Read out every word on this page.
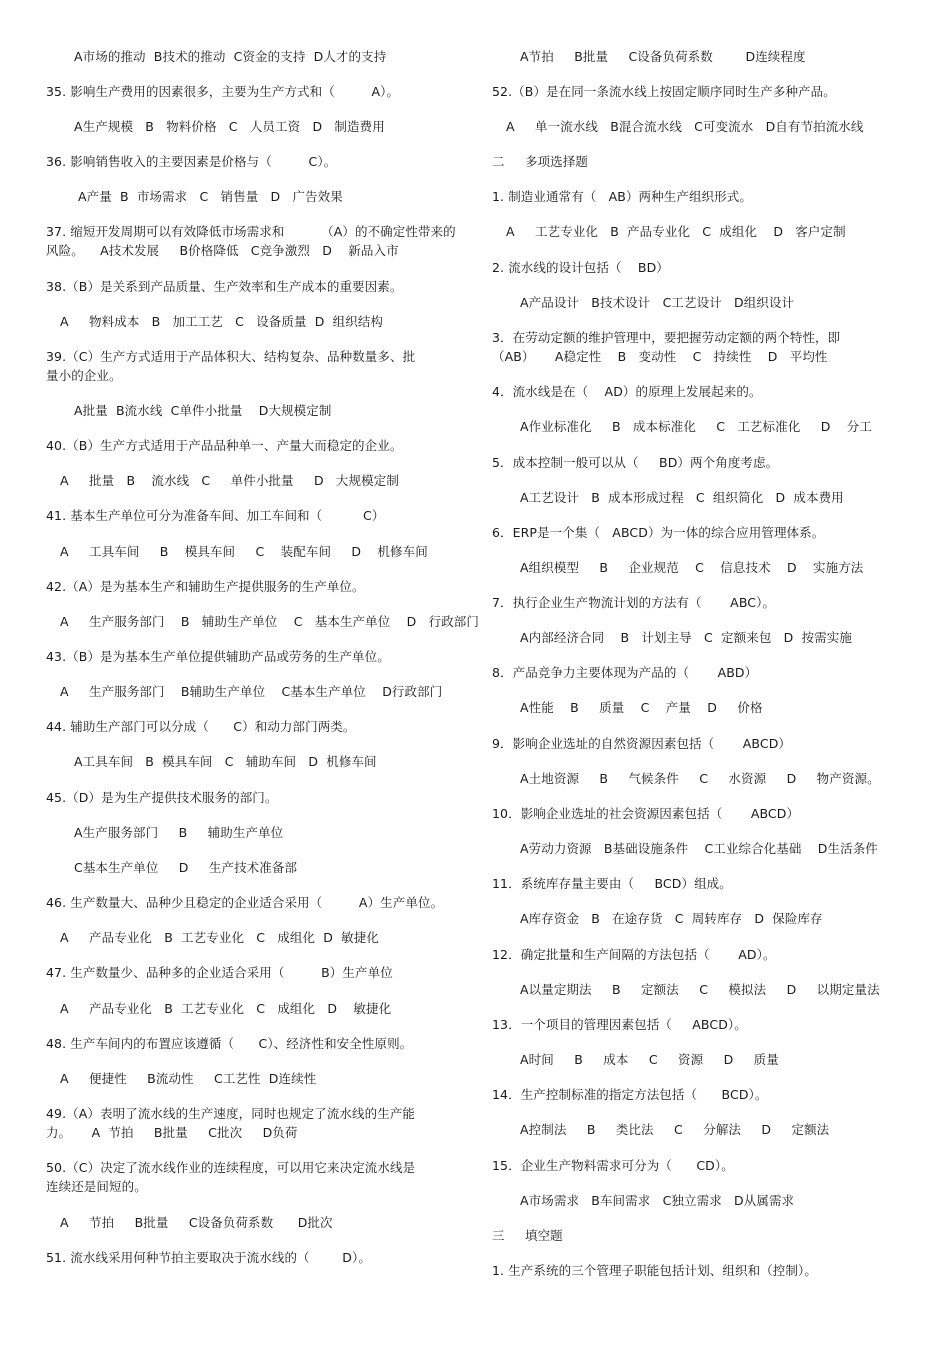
A市场的推动  B技术的推动  C资金的支持  D人才的支持
35. 影响生产费用的因素很多，主要为生产方式和（         A）。
A生产规模   B   物料价格   C   人员工资   D   制造费用
36. 影响销售收入的主要因素是价格与（         C）。
A产量  B  市场需求   C   销售量   D   广告效果
37. 缩短开发周期可以有效降低市场需求和         （A）的不确定性带来的
风险。    A技术发展     B价格降低   C竞争激烈   D    新品入市
38.（B）是关系到产品质量、生产效率和生产成本的重要因素。
A     物料成本   B   加工工艺   C   设备质量  D  组织结构
39.（C）生产方式适用于产品体积大、结构复杂、品种数量多、批
量小的企业。
A批量  B流水线  C单件小批量    D大规模定制
40.（B）生产方式适用于产品品种单一、产量大而稳定的企业。
A     批量   B    流水线   C     单件小批量     D   大规模定制
41. 基本生产单位可分为准备车间、加工车间和（          C）
A     工具车间     B    模具车间     C    装配车间     D    机修车间
42.（A）是为基本生产和辅助生产提供服务的生产单位。
A     生产服务部门    B   辅助生产单位    C   基本生产单位    D   行政部门
43.（B）是为基本生产单位提供辅助产品或劳务的生产单位。
A     生产服务部门    B辅助生产单位    C基本生产单位    D行政部门
44. 辅助生产部门可以分成（      C）和动力部门两类。
A工具车间   B  模具车间   C   辅助车间   D  机修车间
45.（D）是为生产提供技术服务的部门。
A生产服务部门     B     辅助生产单位
C基本生产单位     D     生产技术准备部
46. 生产数量大、品种少且稳定的企业适合采用（         A）生产单位。
A     产品专业化   B  工艺专业化   C   成组化  D  敏捷化
47. 生产数量少、品种多的企业适合采用（         B）生产单位
A     产品专业化   B  工艺专业化   C   成组化   D    敏捷化
48. 生产车间内的布置应该遵循（      C）、经济性和安全性原则。
A     便捷性     B流动性     C工艺性  D连续性
49.（A）表明了流水线的生产速度，同时也规定了流水线的生产能
力。     A  节拍     B批量     C批次     D负荷
50.（C）决定了流水线作业的连续程度，可以用它来决定流水线是
连续还是间短的。
A     节拍     B批量     C设备负荷系数      D批次
51. 流水线采用何种节拍主要取决于流水线的（        D）。
A节拍     B批量     C设备负荷系数        D连续程度
52.（B）是在同一条流水线上按固定顺序同时生产多种产品。
A     单一流水线   B混合流水线   C可变流水   D自有节拍流水线
二     多项选择题
1. 制造业通常有（   AB）两种生产组织形式。
A     工艺专业化   B  产品专业化   C  成组化    D   客户定制
2. 流水线的设计包括（    BD）
A产品设计   B技术设计   C工艺设计   D组织设计
3．在劳动定额的维护管理中，要把握劳动定额的两个特性，即
（AB）     A稳定性    B   变动性    C   持续性    D   平均性
4．流水线是在（    AD）的原理上发展起来的。
A作业标准化     B   成本标准化     C   工艺标准化     D    分工
5．成本控制一般可以从（     BD）两个角度考虑。
A工艺设计   B  成本形成过程   C  组织简化   D  成本费用
6．ERP是一个集（   ABCD）为一体的综合应用管理体系。
A组织模型     B     企业规范    C    信息技术    D    实施方法
7．执行企业生产物流计划的方法有（       ABC）。
A内部经济合同    B   计划主导   C  定额来包   D  按需实施
8．产品竞争力主要体现为产品的（       ABD）
A性能    B     质量    C    产量    D     价格
9．影响企业选址的自然资源因素包括（       ABCD）
A土地资源     B     气候条件     C     水资源     D     物产资源。
10．影响企业选址的社会资源因素包括（       ABCD）
A劳动力资源   B基础设施条件    C工业综合化基础    D生活条件
11．系统库存量主要由（     BCD）组成。
A库存资金   B   在途存货   C  周转库存   D  保险库存
12．确定批量和生产间隔的方法包括（       AD）。
A以量定期法     B     定额法     C     模拟法     D     以期定量法
13．一个项目的管理因素包括（     ABCD）。
A时间     B     成本     C     资源     D     质量
14．生产控制标准的指定方法包括（      BCD）。
A控制法     B     类比法     C     分解法     D     定额法
15．企业生产物料需求可分为（      CD）。
A市场需求   B车间需求   C独立需求   D从属需求
三     填空题
1. 生产系统的三个管理子职能包括计划、组织和（控制）。
